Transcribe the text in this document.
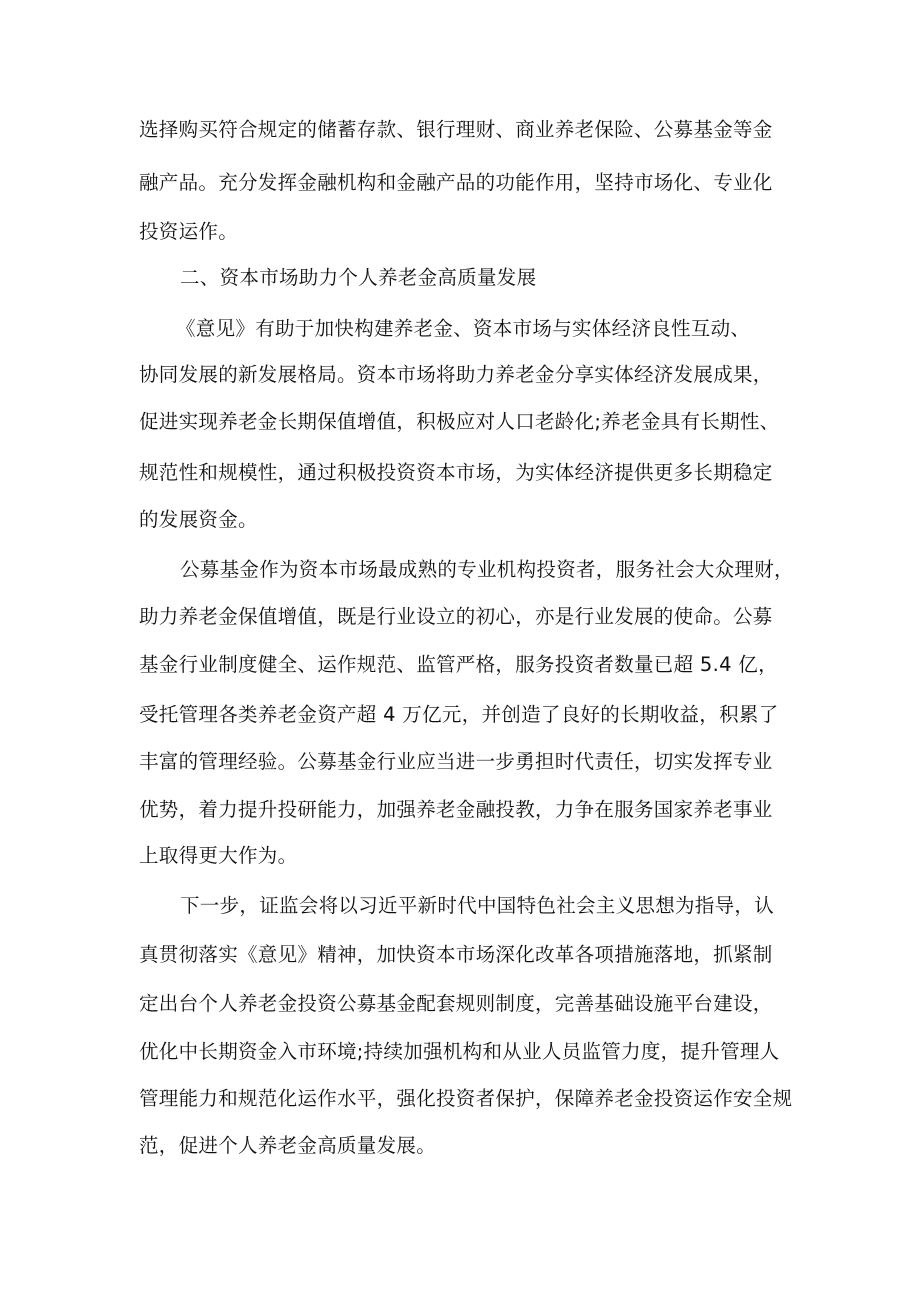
选择购买符合规定的储蓄存款、银行理财、商业养老保险、公募基金等金
融产品。充分发挥金融机构和金融产品的功能作用，坚持市场化、专业化
投资运作。
二、资本市场助力个人养老金高质量发展
《意见》有助于加快构建养老金、资本市场与实体经济良性互动、
协同发展的新发展格局。资本市场将助力养老金分享实体经济发展成果，
促进实现养老金长期保值增值，积极应对人口老龄化;养老金具有长期性、
规范性和规模性，通过积极投资资本市场，为实体经济提供更多长期稳定
的发展资金。
公募基金作为资本市场最成熟的专业机构投资者，服务社会大众理财，
助力养老金保值增值，既是行业设立的初心，亦是行业发展的使命。公募
基金行业制度健全、运作规范、监管严格，服务投资者数量已超 5.4 亿，
受托管理各类养老金资产超 4 万亿元，并创造了良好的长期收益，积累了
丰富的管理经验。公募基金行业应当进一步勇担时代责任，切实发挥专业
优势，着力提升投研能力，加强养老金融投教，力争在服务国家养老事业
上取得更大作为。
下一步，证监会将以习近平新时代中国特色社会主义思想为指导，认
真贯彻落实《意见》精神，加快资本市场深化改革各项措施落地，抓紧制
定出台个人养老金投资公募基金配套规则制度，完善基础设施平台建设，
优化中长期资金入市环境;持续加强机构和从业人员监管力度，提升管理人
管理能力和规范化运作水平，强化投资者保护，保障养老金投资运作安全规
范，促进个人养老金高质量发展。
